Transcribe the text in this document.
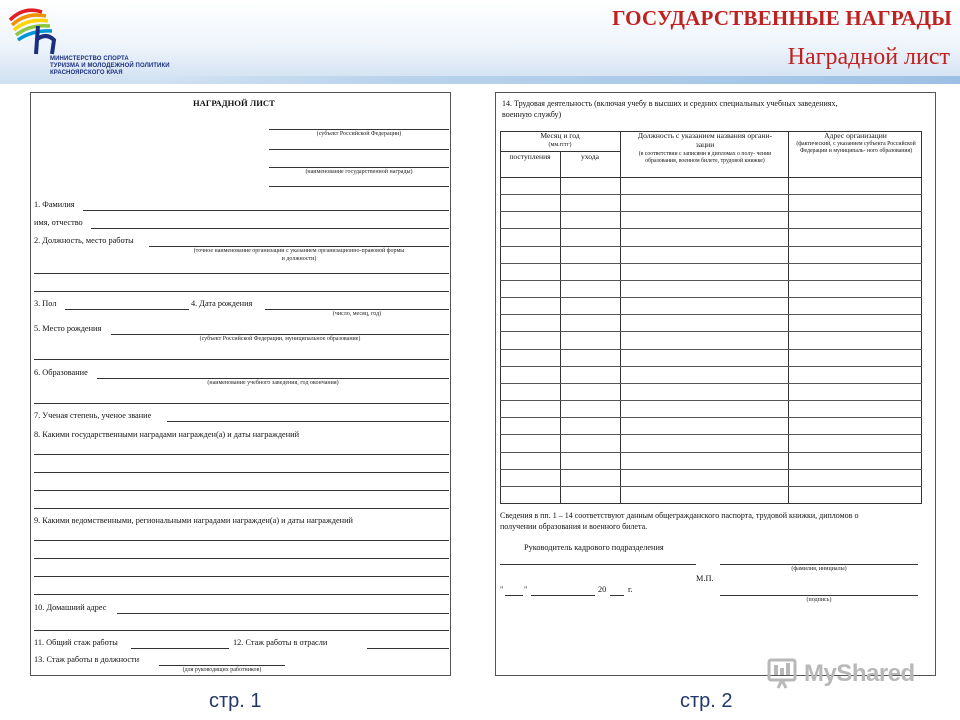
МИНИСТЕРСТВО СПОРТА
ТУРИЗМА И МОЛОДЕЖНОЙ ПОЛИТИКИ
КРАСНОЯРСКОГО КРАЯ
ГОСУДАРСТВЕННЫЕ НАГРАДЫ
Наградной лист
НАГРАДНОЙ ЛИСТ
(субъект Российской Федерации)
(наименование государственной награды)
1. Фамилия
имя, отчество
2. Должность, место работы
(точное наименование организации с указанием организационно-правовой формы
и должности)
3. Пол	4. Дата рождения
(число, месяц, год)
5. Место рождения
(субъект Российской Федерации, муниципальное образование)
6. Образование
(наименование учебного заведения, год окончания)
7. Ученая степень, ученое звание
8. Какими государственными наградами награжден(а) и даты награждений
9. Какими ведомственными, региональными наградами награжден(а) и даты награждений
10. Домашний адрес
11. Общий стаж работы	12. Стаж работы в отрасли
13. Стаж работы в должности
(для руководящих работников)
14. Трудовая деятельность (включая учебу в высших и средних специальных учебных заведениях,
военную службу)
Месяц и год
(мм.гггг)
поступления	ухода
Должность с указанием названия органи-
зации
(в соответствии с записями в дипломах о полу- чении образования, военном билете, трудовой книжке)
Адрес организации
(фактический, с указанием субъекта Российской Федерации и муниципаль- ного образования)
Сведения в пп. 1 – 14 соответствуют данным общегражданского паспорта, трудовой книжки, дипломов о
получении образования и военного билета.
Руководитель кадрового подразделения
(фамилия, инициалы)
М.П.
" "	20	г.
(подпись)
стр. 1	стр. 2
MyShared
